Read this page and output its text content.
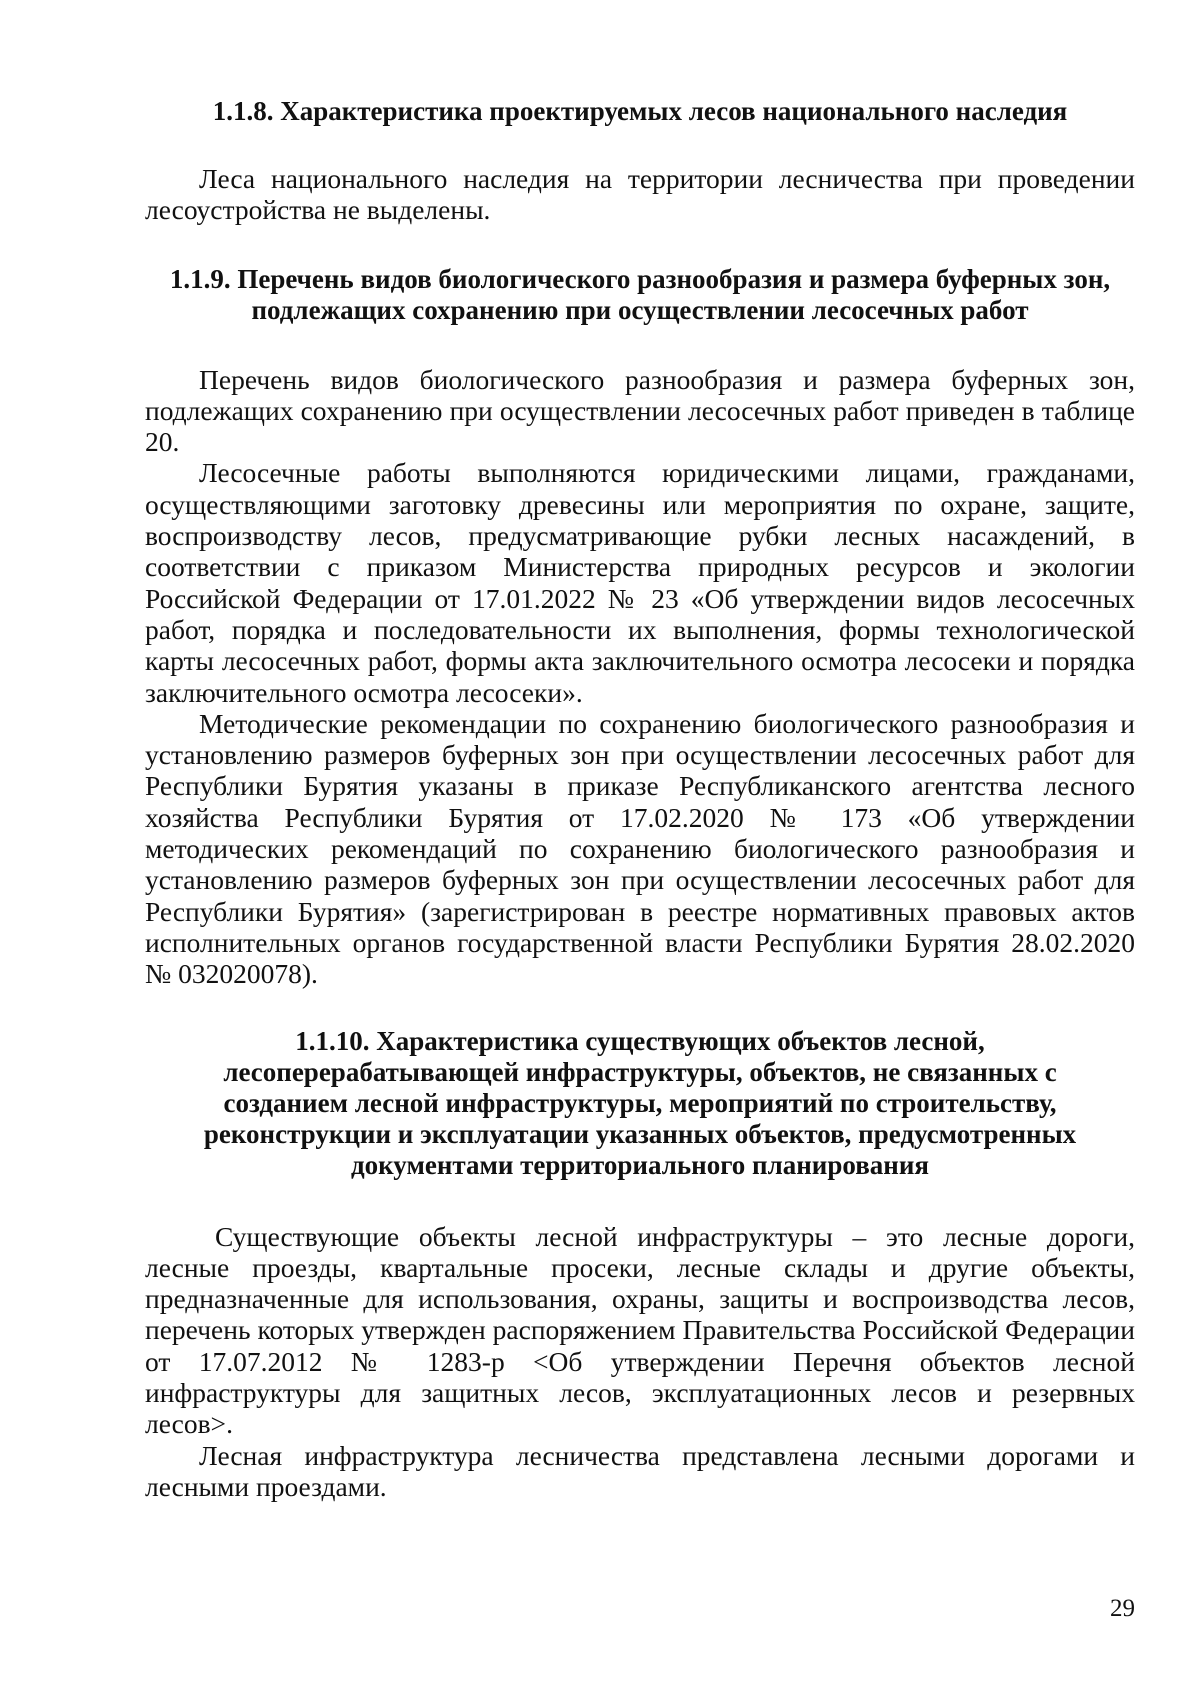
1.1.8. Характеристика проектируемых лесов национального наследия

Леса национального наследия на территории лесничества при проведении лесоустройства не выделены.

1.1.9. Перечень видов биологического разнообразия и размера буферных зон, подлежащих сохранению при осуществлении лесосечных работ

Перечень видов биологического разнообразия и размера буферных зон, подлежащих сохранению при осуществлении лесосечных работ приведен в таблице 20.

Лесосечные работы выполняются юридическими лицами, гражданами, осуществляющими заготовку древесины или мероприятия по охране, защите, воспроизводству лесов, предусматривающие рубки лесных насаждений, в соответствии с приказом Министерства природных ресурсов и экологии Российской Федерации от 17.01.2022 № 23 «Об утверждении видов лесосечных работ, порядка и последовательности их выполнения, формы технологической карты лесосечных работ, формы акта заключительного осмотра лесосеки и порядка заключительного осмотра лесосеки».

Методические рекомендации по сохранению биологического разнообразия и установлению размеров буферных зон при осуществлении лесосечных работ для Республики Бурятия указаны в приказе Республиканского агентства лесного хозяйства Республики Бурятия от 17.02.2020 № 173 «Об утверждении методических рекомендаций по сохранению биологического разнообразия и установлению размеров буферных зон при осуществлении лесосечных работ для Республики Бурятия» (зарегистрирован в реестре нормативных правовых актов исполнительных органов государственной власти Республики Бурятия 28.02.2020 № 032020078).

1.1.10. Характеристика существующих объектов лесной, лесоперерабатывающей инфраструктуры, объектов, не связанных с созданием лесной инфраструктуры, мероприятий по строительству, реконструкции и эксплуатации указанных объектов, предусмотренных документами территориального планирования

Существующие объекты лесной инфраструктуры – это лесные дороги, лесные проезды, квартальные просеки, лесные склады и другие объекты, предназначенные для использования, охраны, защиты и воспроизводства лесов, перечень которых утвержден распоряжением Правительства Российской Федерации от 17.07.2012 № 1283-р <Об утверждении Перечня объектов лесной инфраструктуры для защитных лесов, эксплуатационных лесов и резервных лесов>.

Лесная инфраструктура лесничества представлена лесными дорогами и лесными проездами.

29
